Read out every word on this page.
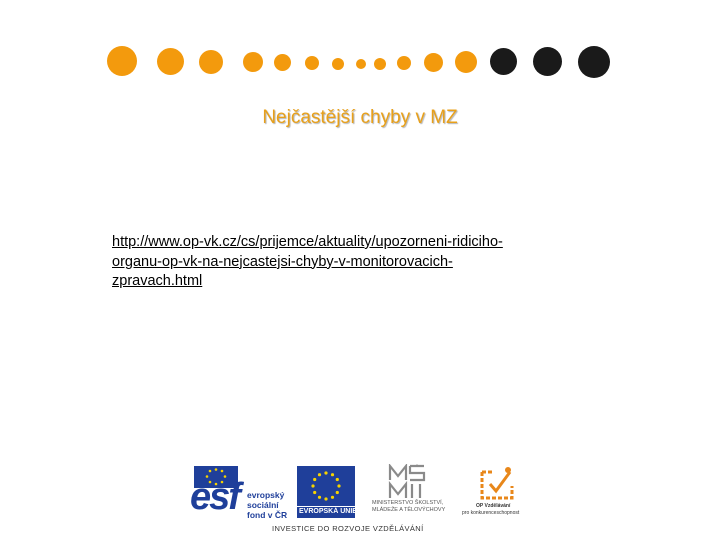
Nejčastější chyby v MZ
http://www.op-vk.cz/cs/prijemce/aktuality/upozorneni-ridiciho-
organu-op-vk-na-nejcastejsi-chyby-v-monitorovacich-
zpravach.html
esf evropský
sociální
fond v ČR EVROPSKÁ UNIE
MINISTERSTVO ŠKOLSTVÍ,
MLÁDEŽE A TĚLOVÝCHOVY
OP Vzdělávání
pro konkurenceschopnost
INVESTICE DO ROZVOJE VZDĚLÁVÁNÍ
